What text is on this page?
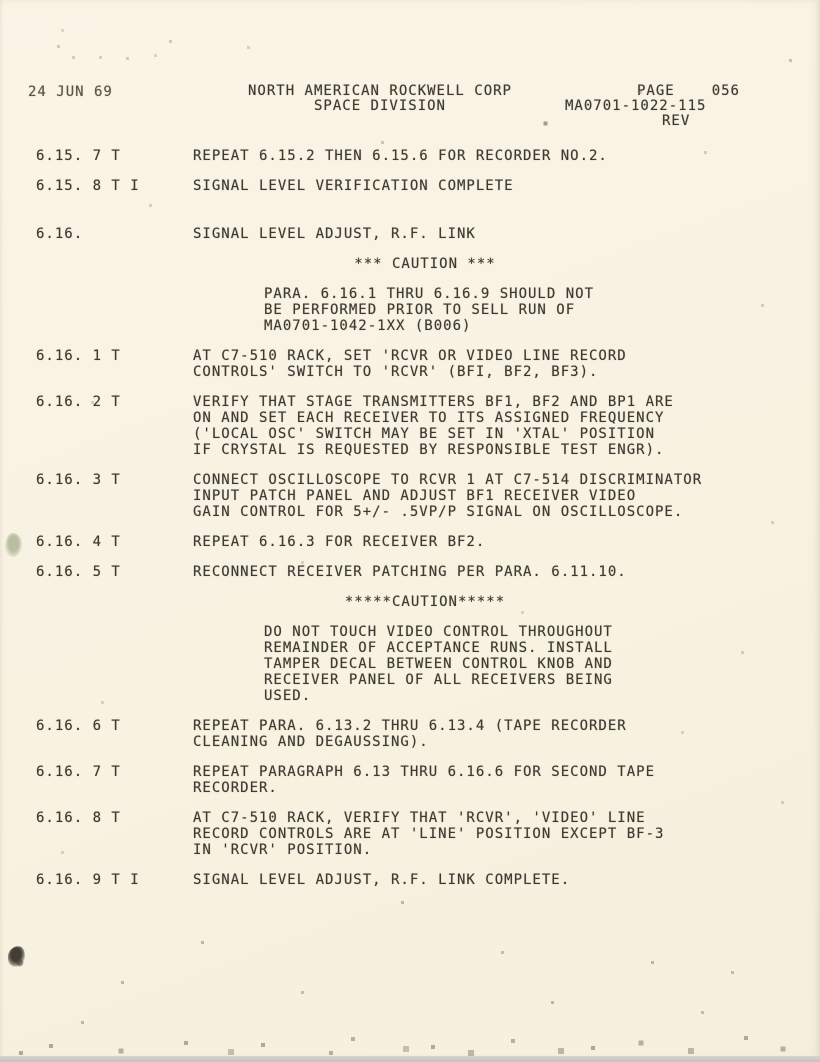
24 JUN 69	NORTH AMERICAN ROCKWELL CORP
SPACE DIVISION
PAGE	056
MA0701-1022-115
REV
6.15. 7 T	REPEAT 6.15.2 THEN 6.15.6 FOR RECORDER NO.2.
6.15. 8 T I	SIGNAL LEVEL VERIFICATION COMPLETE
6.16.	SIGNAL LEVEL ADJUST, R.F. LINK
*** CAUTION ***
PARA. 6.16.1 THRU 6.16.9 SHOULD NOT
BE PERFORMED PRIOR TO SELL RUN OF
MA0701-1042-1XX (B006)
6.16. 1 T	AT C7-510 RACK, SET 'RCVR OR VIDEO LINE RECORD
CONTROLS' SWITCH TO 'RCVR' (BFI, BF2, BF3).
6.16. 2 T	VERIFY THAT STAGE TRANSMITTERS BF1, BF2 AND BP1 ARE
ON AND SET EACH RECEIVER TO ITS ASSIGNED FREQUENCY
('LOCAL OSC' SWITCH MAY BE SET IN 'XTAL' POSITION
IF CRYSTAL IS REQUESTED BY RESPONSIBLE TEST ENGR).
6.16. 3 T	CONNECT OSCILLOSCOPE TO RCVR 1 AT C7-514 DISCRIMINATOR
INPUT PATCH PANEL AND ADJUST BF1 RECEIVER VIDEO
GAIN CONTROL FOR 5+/- .5VP/P SIGNAL ON OSCILLOSCOPE.
6.16. 4 T	REPEAT 6.16.3 FOR RECEIVER BF2.
6.16. 5 T	RECONNECT RECEIVER PATCHING PER PARA. 6.11.10.
*****CAUTION*****
DO NOT TOUCH VIDEO CONTROL THROUGHOUT
REMAINDER OF ACCEPTANCE RUNS. INSTALL
TAMPER DECAL BETWEEN CONTROL KNOB AND
RECEIVER PANEL OF ALL RECEIVERS BEING
USED.
6.16. 6 T	REPEAT PARA. 6.13.2 THRU 6.13.4 (TAPE RECORDER
CLEANING AND DEGAUSSING).
6.16. 7 T	REPEAT PARAGRAPH 6.13 THRU 6.16.6 FOR SECOND TAPE
RECORDER.
6.16. 8 T	AT C7-510 RACK, VERIFY THAT 'RCVR', 'VIDEO' LINE
RECORD CONTROLS ARE AT 'LINE' POSITION EXCEPT BF-3
IN 'RCVR' POSITION.
6.16. 9 T I	SIGNAL LEVEL ADJUST, R.F. LINK COMPLETE.
